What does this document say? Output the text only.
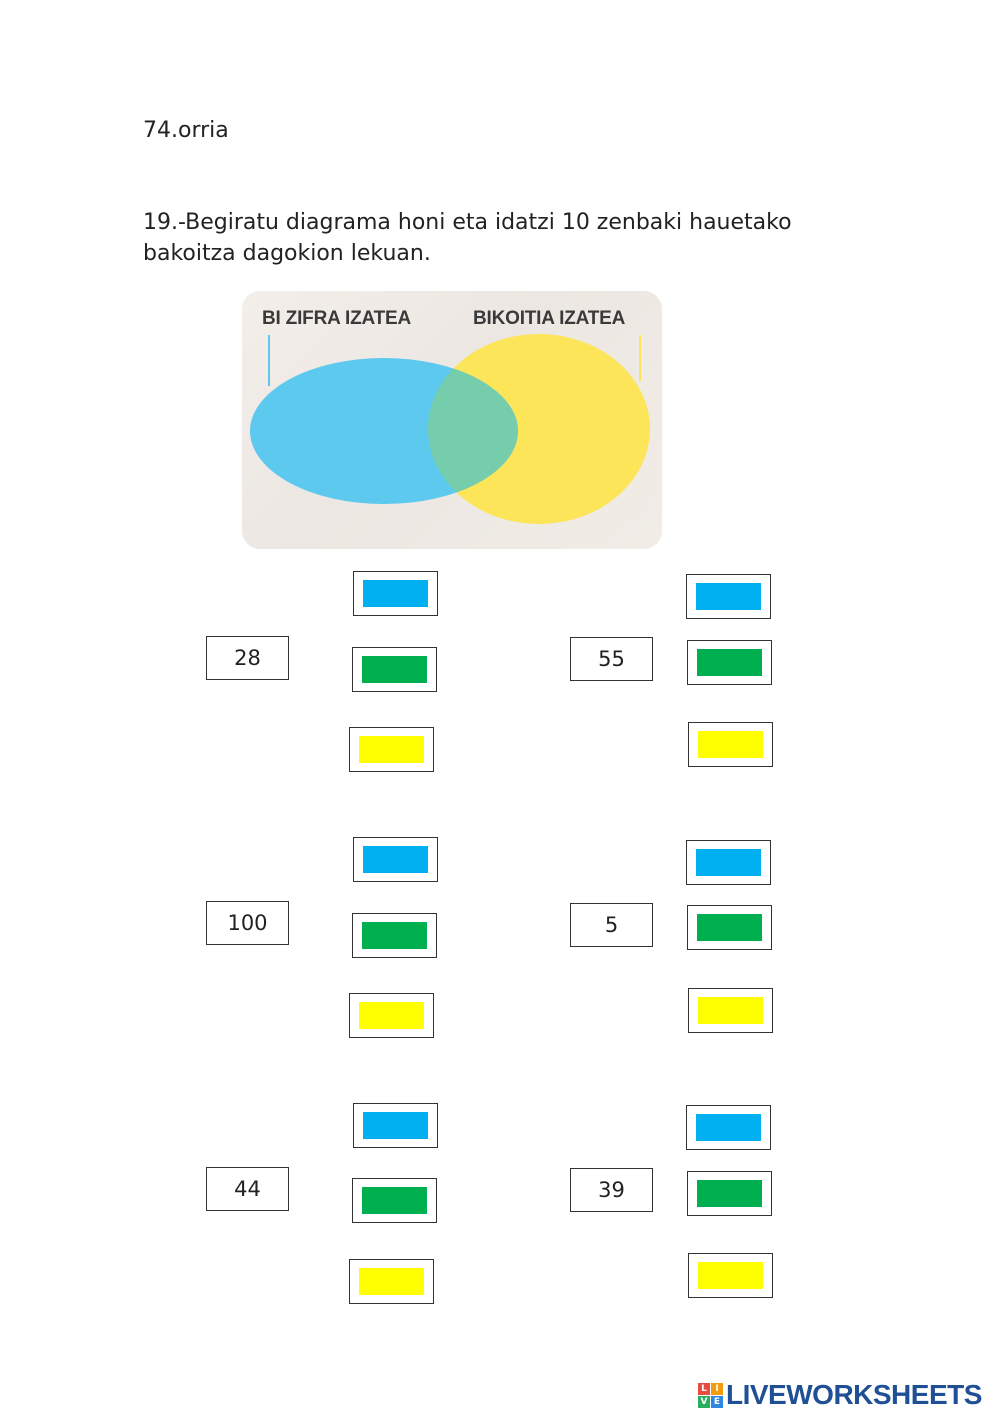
74.orria
19.-Begiratu diagrama honi eta idatzi 10 zenbaki hauetako bakoitza dagokion lekuan.
BI ZIFRA IZATEA	BIKOITIA IZATEA
28	55
100	5
44	39
L I
V E LIVEWORKSHEETS
